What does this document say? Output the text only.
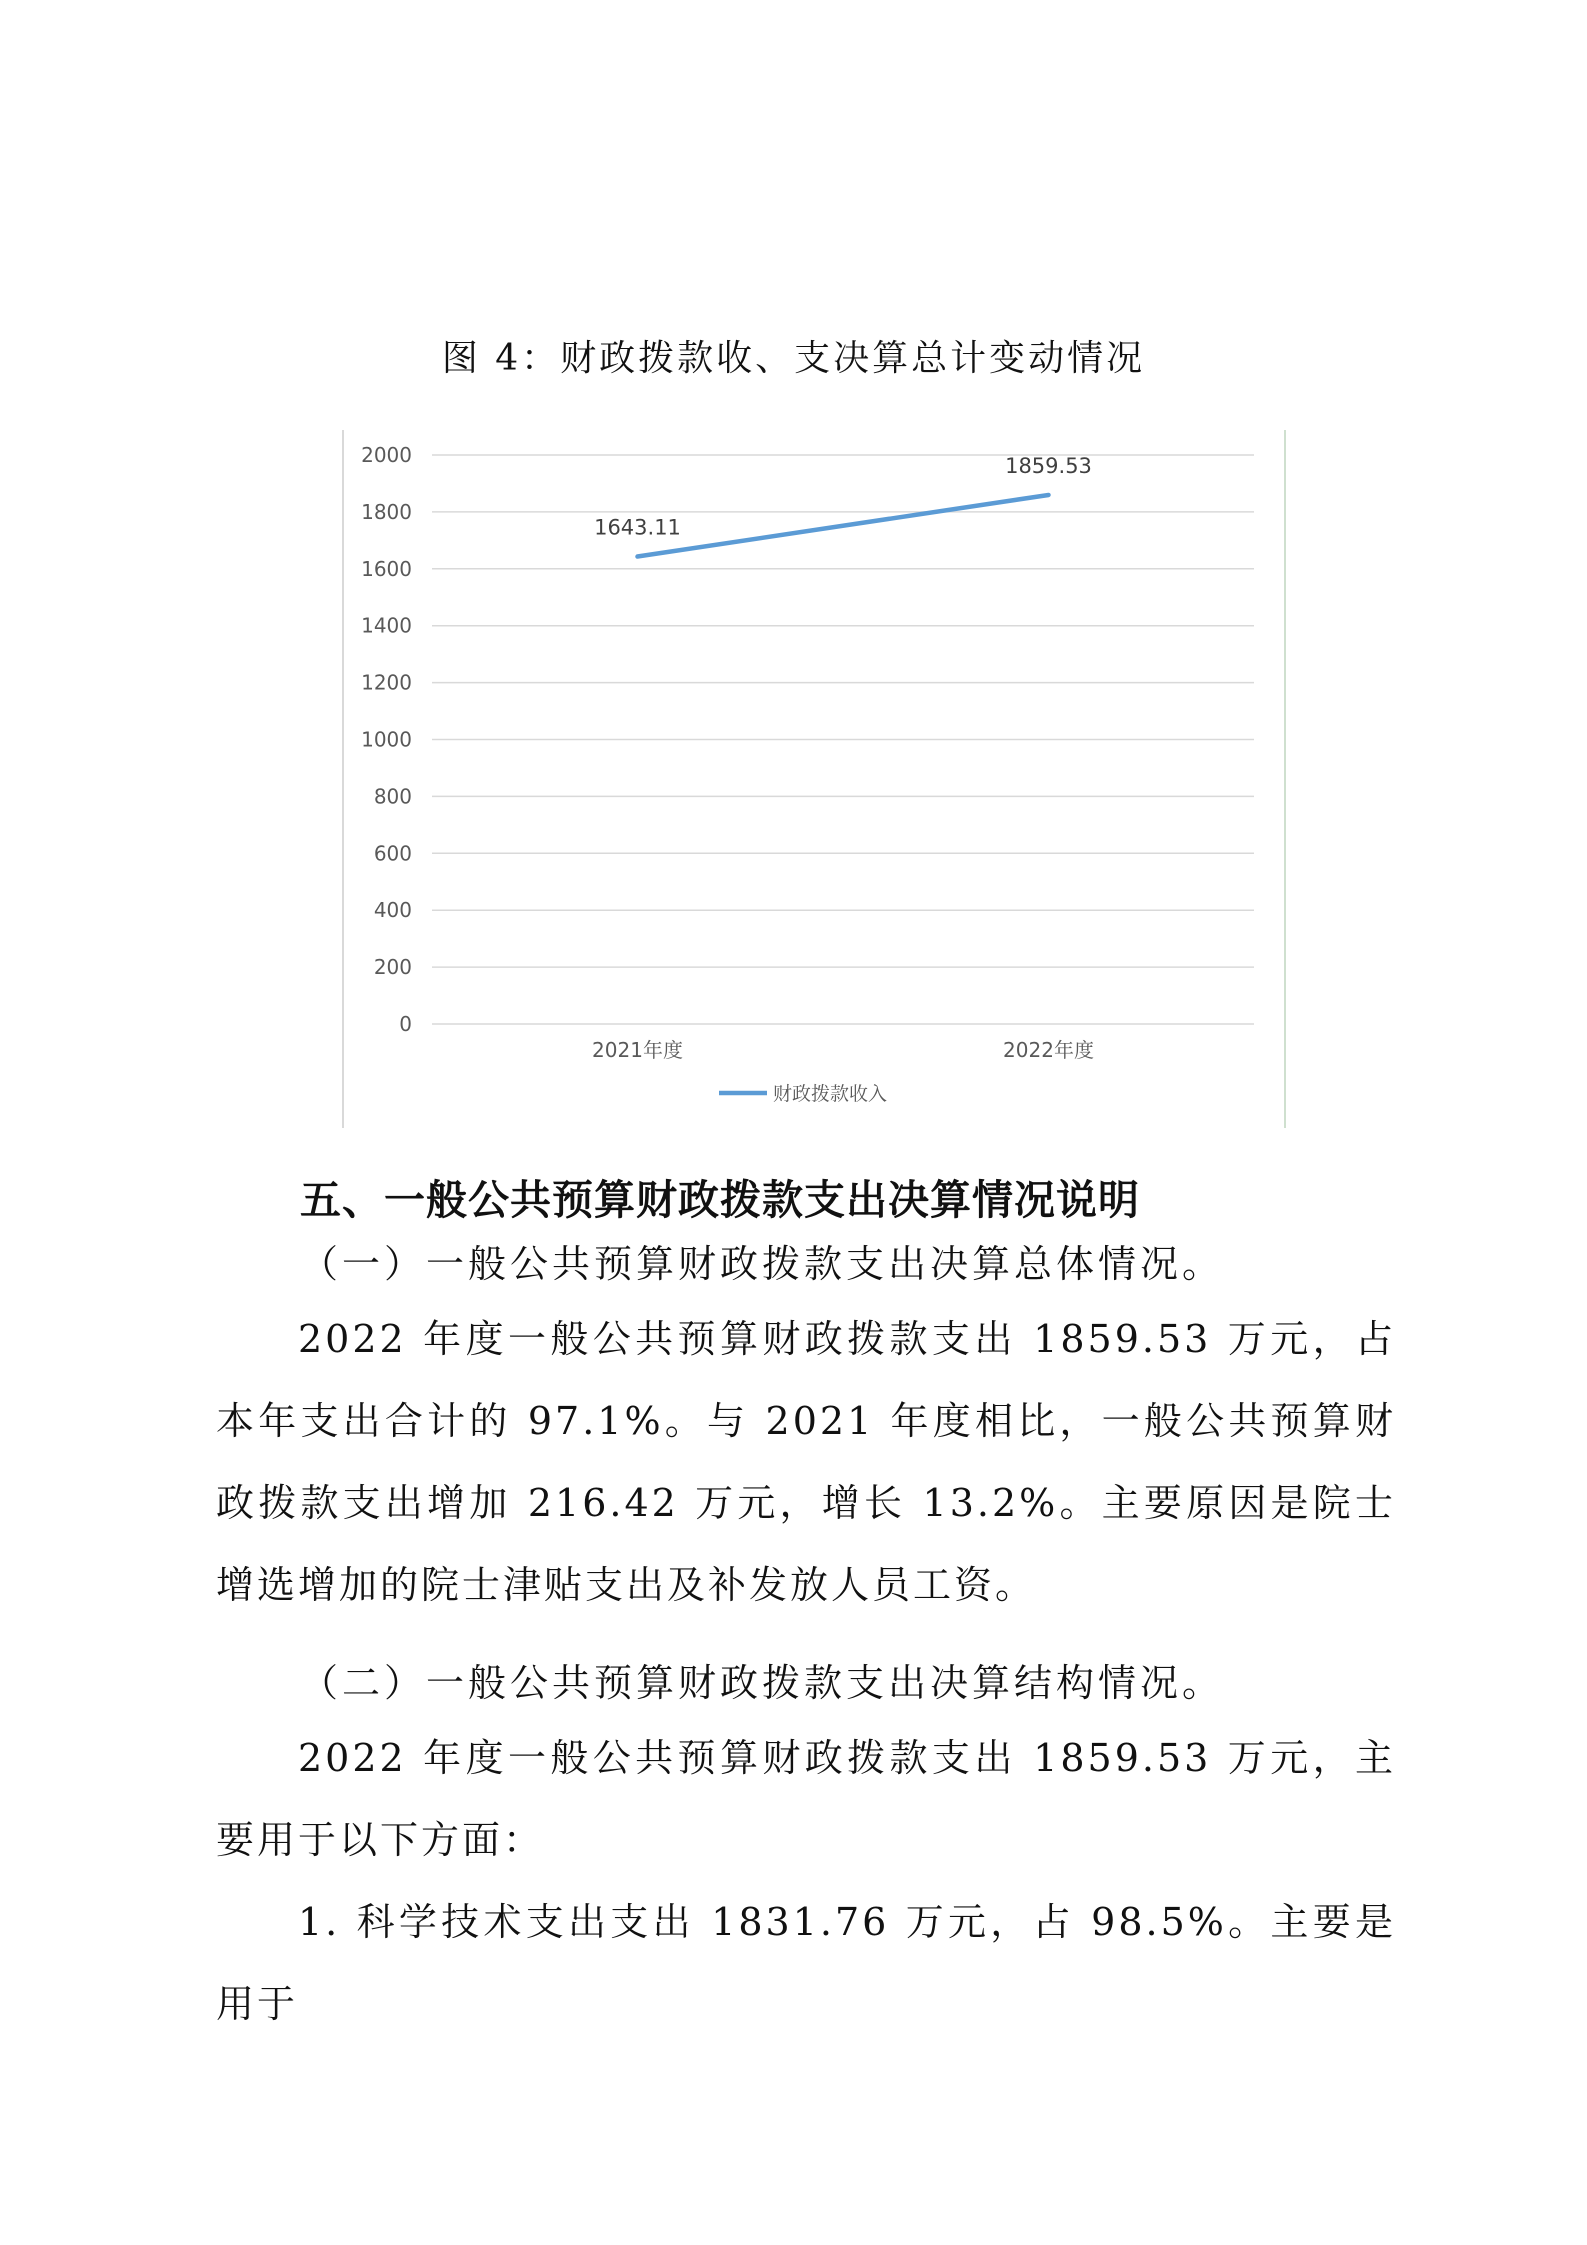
图 4：财政拨款收、支决算总计变动情况
0
200
400
600
800
1000
1200
1400
1600
1800
2000
2021年度	2022年度
1643.11
1859.53
财政拨款收入
五、一般公共预算财政拨款支出决算情况说明
（一）一般公共预算财政拨款支出决算总体情况。

2022 年度一般公共预算财政拨款支出 1859.53 万元，占本年支出合计的 97.1%。与 2021 年度相比，一般公共预算财政拨款支出增加 216.42 万元，增长 13.2%。主要原因是院士增选增加的院士津贴支出及补发放人员工资。

（二）一般公共预算财政拨款支出决算结构情况。

2022 年度一般公共预算财政拨款支出 1859.53 万元，主要用于以下方面：

1. 科学技术支出支出 1831.76 万元，占 98.5%。主要是用于
